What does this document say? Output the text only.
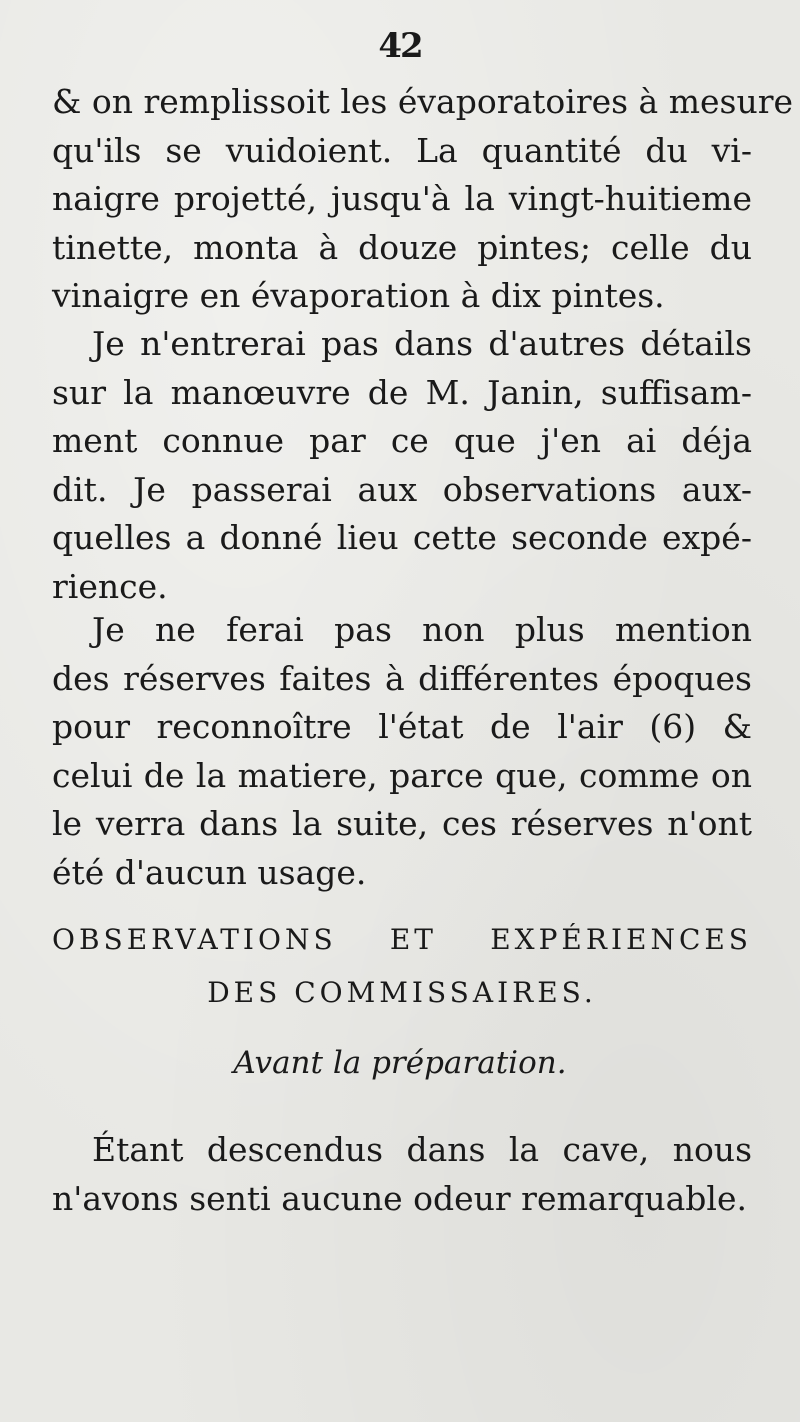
42
& on remplissoit les évaporatoires à mesure
qu'ils se vuidoient. La quantité du vi-
naigre projetté, jusqu'à la vingt-huitieme
tinette, monta à douze pintes; celle du
vinaigre en évaporation à dix pintes.
Je n'entrerai pas dans d'autres détails
sur la manœuvre de M. Janin, suffisam-
ment connue par ce que j'en ai déja
dit. Je passerai aux observations aux-
quelles a donné lieu cette seconde expé-
rience.
Je ne ferai pas non plus mention
des réserves faites à différentes époques
pour reconnoître l'état de l'air (6) &
celui de la matiere, parce que, comme on
le verra dans la suite, ces réserves n'ont
été d'aucun usage.
OBSERVATIONS ET EXPÉRIENCES
DES COMMISSAIRES.
Avant la préparation.
Étant descendus dans la cave, nous
n'avons senti aucune odeur remarquable.
